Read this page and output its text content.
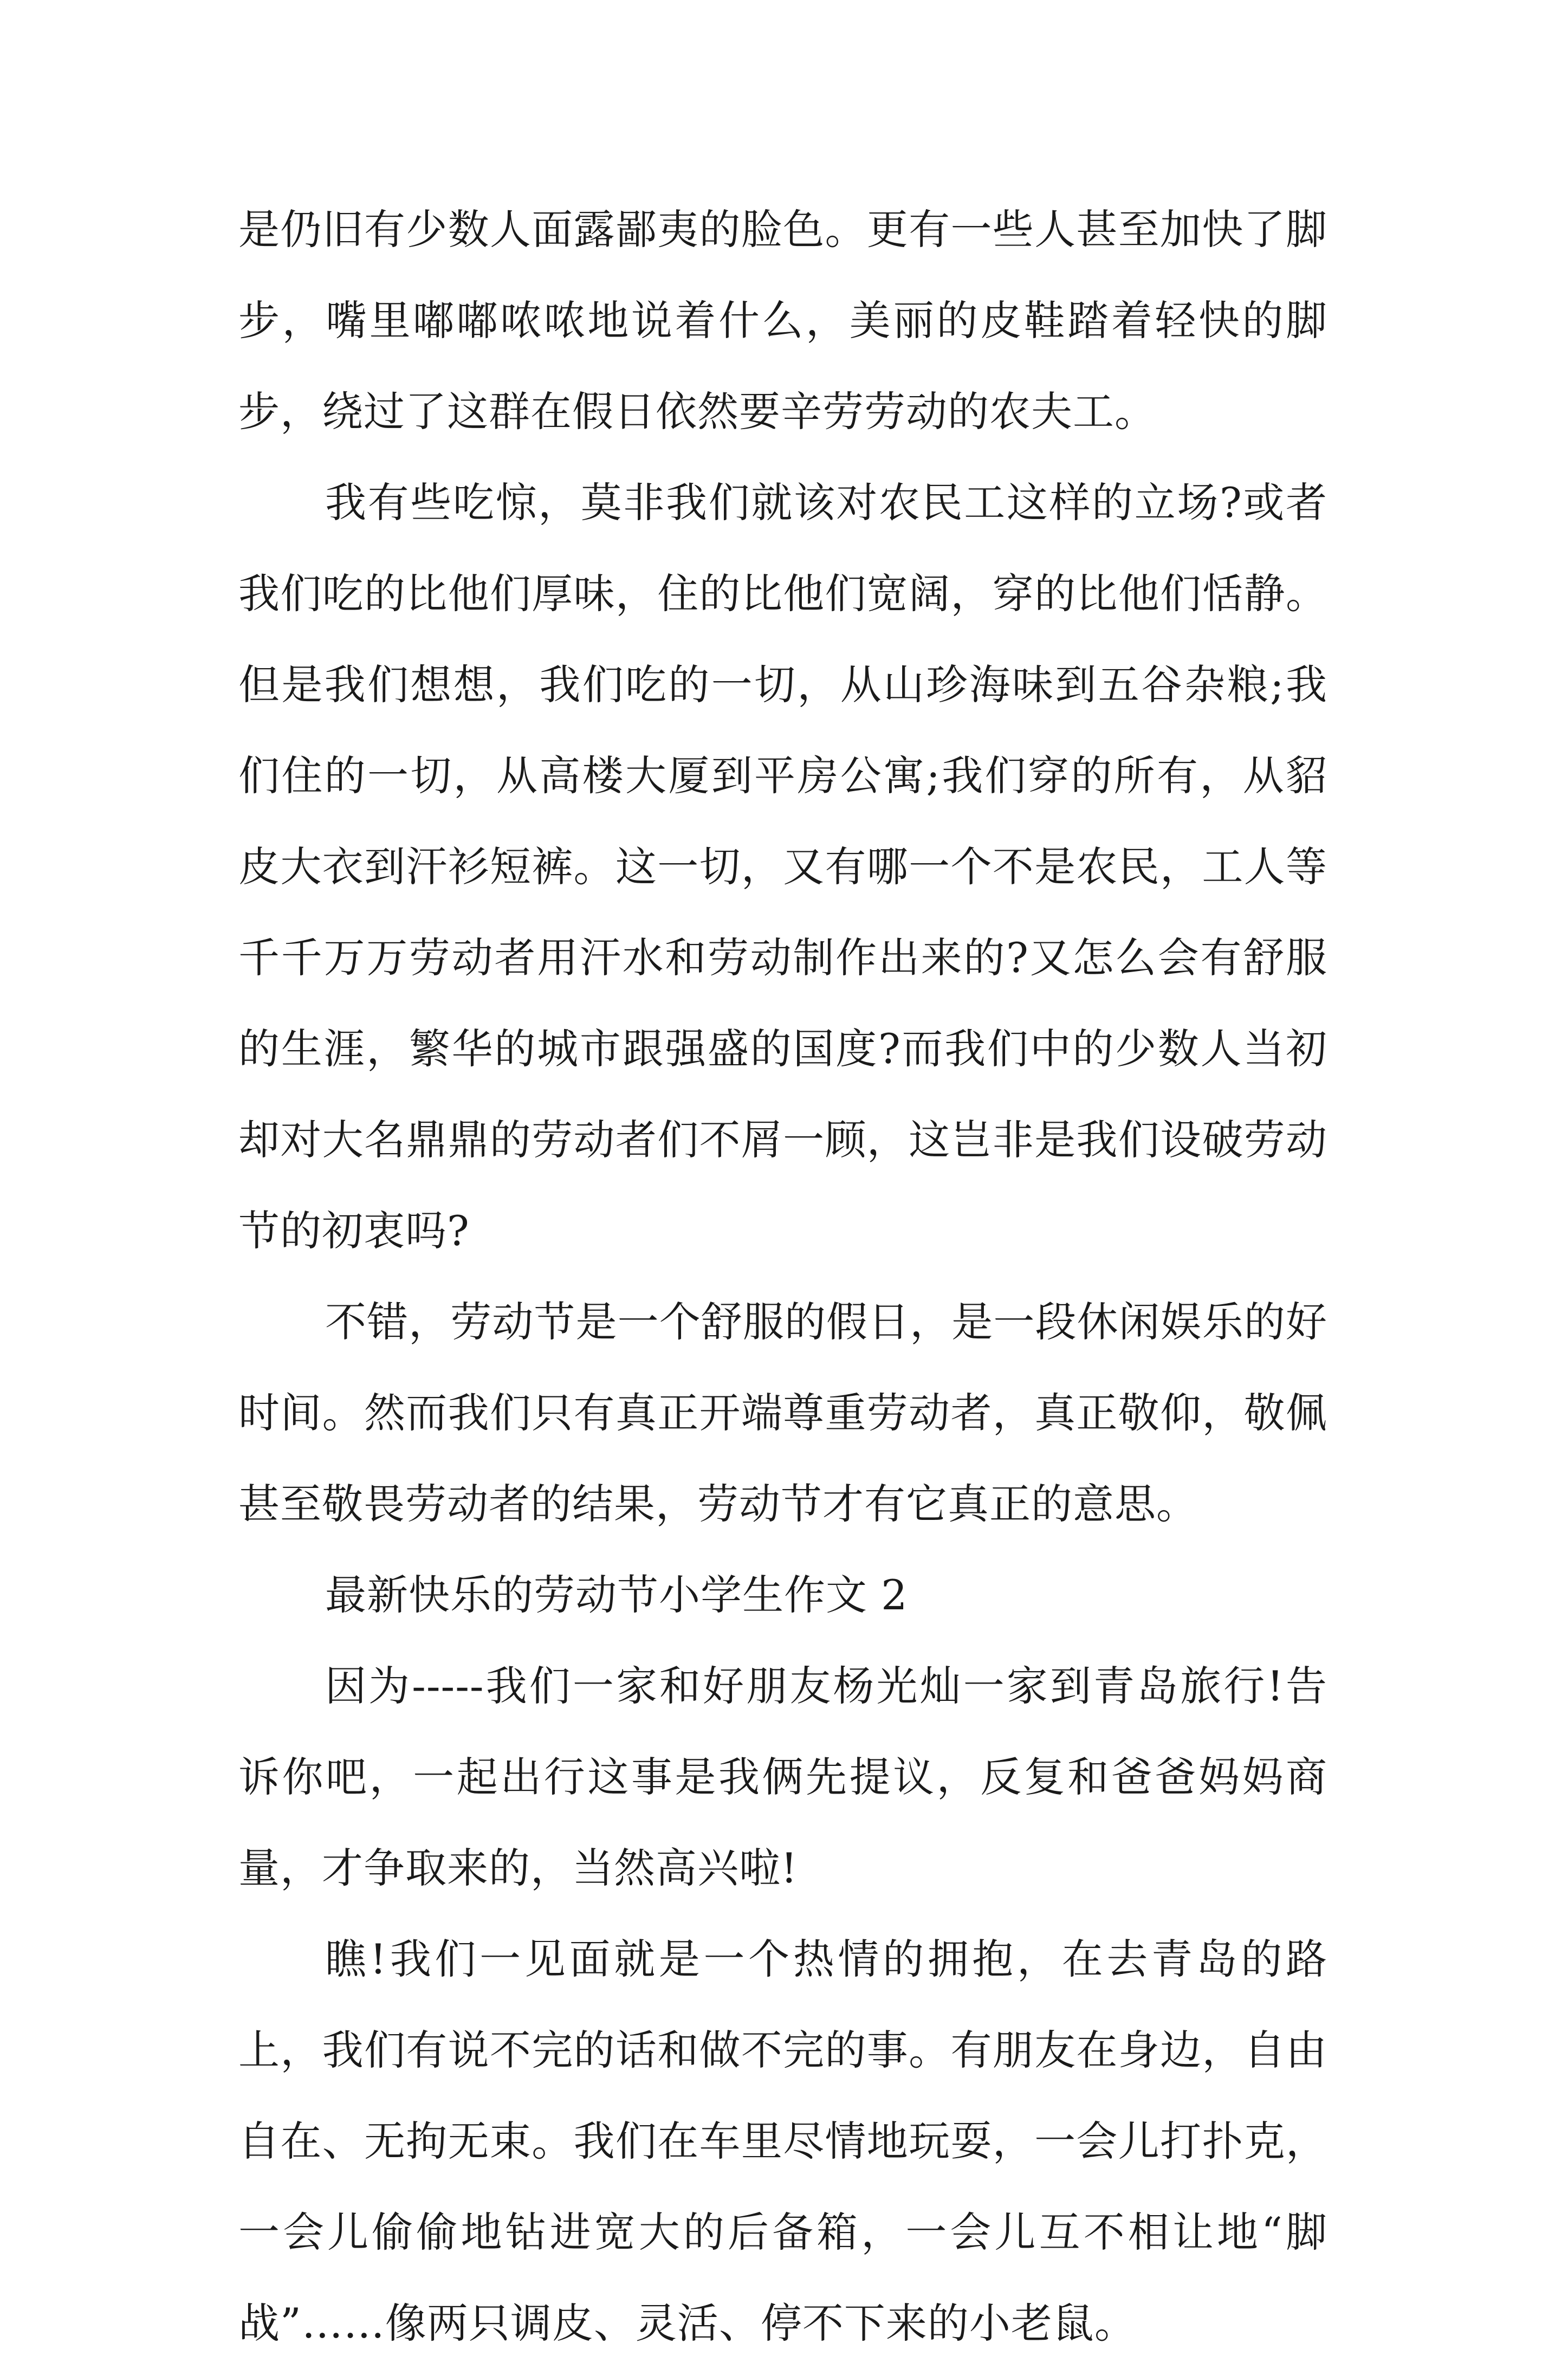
是仍旧有少数人面露鄙夷的脸色。更有一些人甚至加快了脚步，嘴里嘟嘟哝哝地说着什么，美丽的皮鞋踏着轻快的脚步，绕过了这群在假日依然要辛劳劳动的农夫工。

我有些吃惊，莫非我们就该对农民工这样的立场?或者我们吃的比他们厚味，住的比他们宽阔，穿的比他们恬静。但是我们想想，我们吃的一切，从山珍海味到五谷杂粮;我们住的一切，从高楼大厦到平房公寓;我们穿的所有，从貂皮大衣到汗衫短裤。这一切，又有哪一个不是农民，工人等千千万万劳动者用汗水和劳动制作出来的?又怎么会有舒服的生涯，繁华的城市跟强盛的国度?而我们中的少数人当初却对大名鼎鼎的劳动者们不屑一顾，这岂非是我们设破劳动节的初衷吗?

不错，劳动节是一个舒服的假日，是一段休闲娱乐的好时间。然而我们只有真正开端尊重劳动者，真正敬仰，敬佩甚至敬畏劳动者的结果，劳动节才有它真正的意思。

最新快乐的劳动节小学生作文 2

因为-----我们一家和好朋友杨光灿一家到青岛旅行!告诉你吧，一起出行这事是我俩先提议，反复和爸爸妈妈商量，才争取来的，当然高兴啦!

瞧!我们一见面就是一个热情的拥抱，在去青岛的路上，我们有说不完的话和做不完的事。有朋友在身边，自由自在、无拘无束。我们在车里尽情地玩耍，一会儿打扑克，一会儿偷偷地钻进宽大的后备箱，一会儿互不相让地“脚战”……像两只调皮、灵活、停不下来的小老鼠。
